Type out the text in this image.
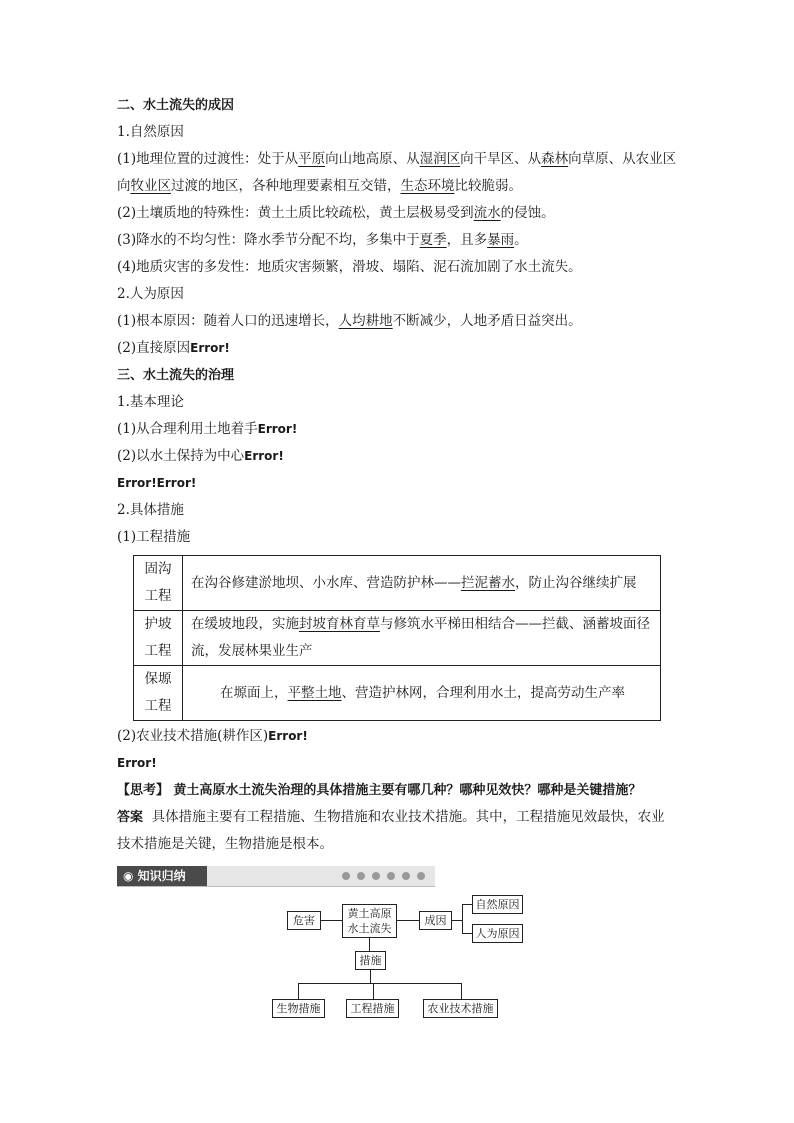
二、水土流失的成因
1.自然原因
(1)地理位置的过渡性：处于从平原向山地高原、从湿润区向干旱区、从森林向草原、从农业区向牧业区过渡的地区，各种地理要素相互交错，生态环境比较脆弱。
(2)土壤质地的特殊性：黄土土质比较疏松，黄土层极易受到流水的侵蚀。
(3)降水的不均匀性：降水季节分配不均，多集中于夏季，且多暴雨。
(4)地质灾害的多发性：地质灾害频繁，滑坡、塌陷、泥石流加剧了水土流失。
2.人为原因
(1)根本原因：随着人口的迅速增长，人均耕地不断减少，人地矛盾日益突出。
(2)直接原因Error!
三、水土流失的治理
1.基本理论
(1)从合理利用土地着手Error!
(2)以水土保持为中心Error!
Error!Error!
2.具体措施
(1)工程措施
固沟工程	在沟谷修建淤地坝、小水库、营造防护林——拦泥蓄水，防止沟谷继续扩展
护坡工程	在缓坡地段，实施封坡育林育草与修筑水平梯田相结合——拦截、涵蓄坡面径流，发展林果业生产
保塬工程	在塬面上，平整土地、营造护林网，合理利用水土，提高劳动生产率
(2)农业技术措施(耕作区)Error!
Error!
【思考】 黄土高原水土流失治理的具体措施主要有哪几种？哪种见效快？哪种是关键措施？
答案 具体措施主要有工程措施、生物措施和农业技术措施。其中，工程措施见效最快，农业技术措施是关键，生物措施是根本。
◉ 知识归纳
危害
黄土高原
水土流失
成因
自然原因
人为原因
措施
生物措施	工程措施	农业技术措施
